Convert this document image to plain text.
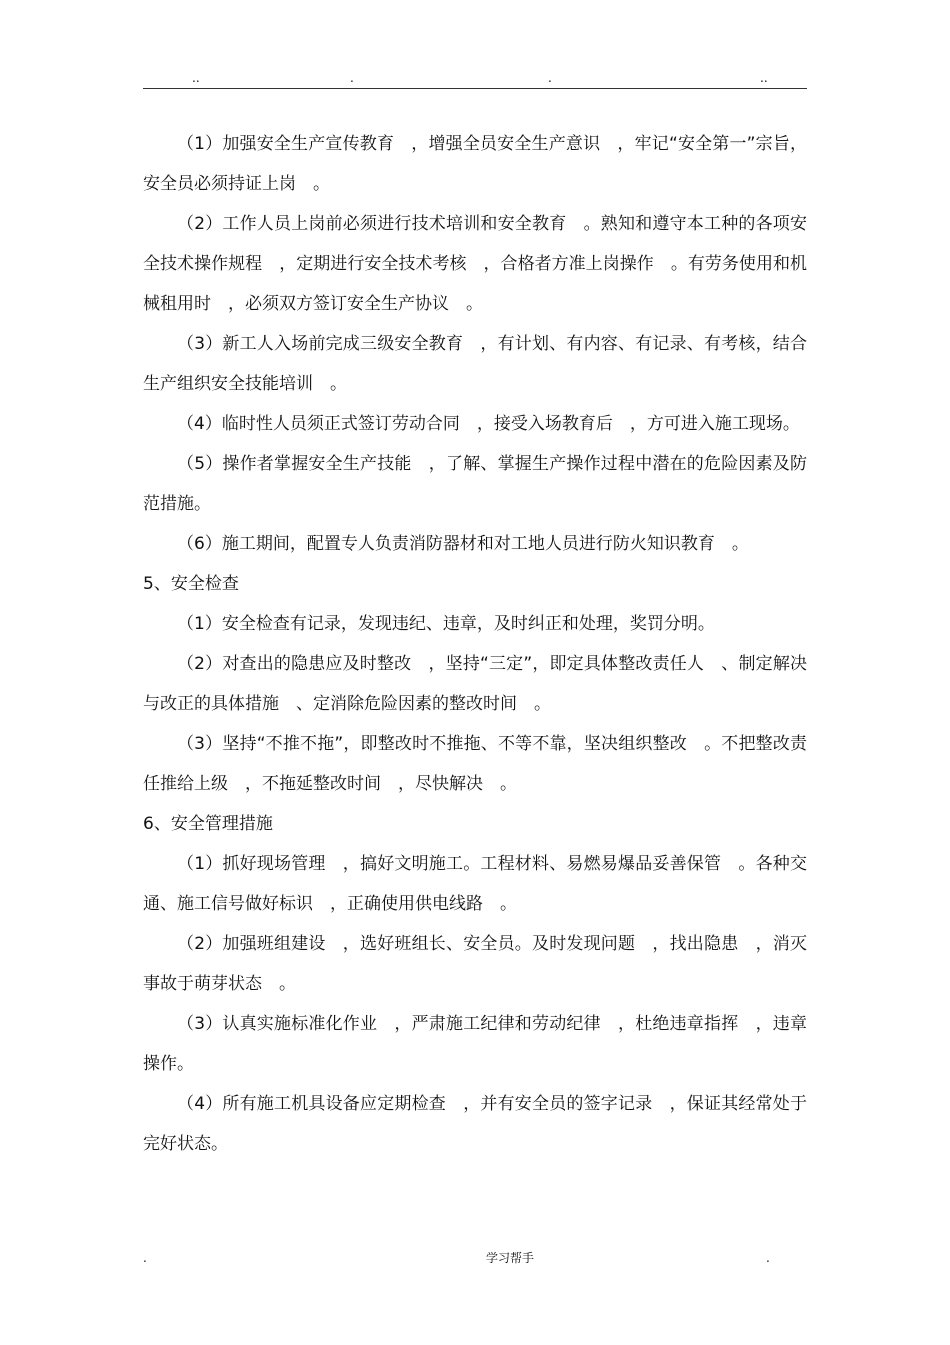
..	.	.	..

（1）加强安全生产宣传教育　，增强全员安全生产意识　，牢记“安全第一”宗旨，安全员必须持证上岗　。

（2）工作人员上岗前必须进行技术培训和安全教育　。熟知和遵守本工种的各项安全技术操作规程　，定期进行安全技术考核　，合格者方准上岗操作　。有劳务使用和机械租用时　，必须双方签订安全生产协议　。

（3）新工人入场前完成三级安全教育　，有计划、有内容、有记录、有考核，结合生产组织安全技能培训　。

（4）临时性人员须正式签订劳动合同　，接受入场教育后　，方可进入施工现场。

（5）操作者掌握安全生产技能　，了解、掌握生产操作过程中潜在的危险因素及防范措施。

（6）施工期间，配置专人负责消防器材和对工地人员进行防火知识教育　。

5、安全检查

（1）安全检查有记录，发现违纪、违章，及时纠正和处理，奖罚分明。

（2）对查出的隐患应及时整改　，坚持“三定”，即定具体整改责任人　、制定解决与改正的具体措施　、定消除危险因素的整改时间　。

（3）坚持“不推不拖”，即整改时不推拖、不等不靠，坚决组织整改　。不把整改责任推给上级　，不拖延整改时间　，尽快解决　。

6、安全管理措施

（1）抓好现场管理　，搞好文明施工。工程材料、易燃易爆品妥善保管　。各种交通、施工信号做好标识　，正确使用供电线路　。

（2）加强班组建设　，选好班组长、安全员。及时发现问题　，找出隐患　，消灭事故于萌芽状态　。

（3）认真实施标准化作业　，严肃施工纪律和劳动纪律　，杜绝违章指挥　，违章操作。

（4）所有施工机具设备应定期检查　，并有安全员的签字记录　，保证其经常处于完好状态。

.	学习帮手	.
